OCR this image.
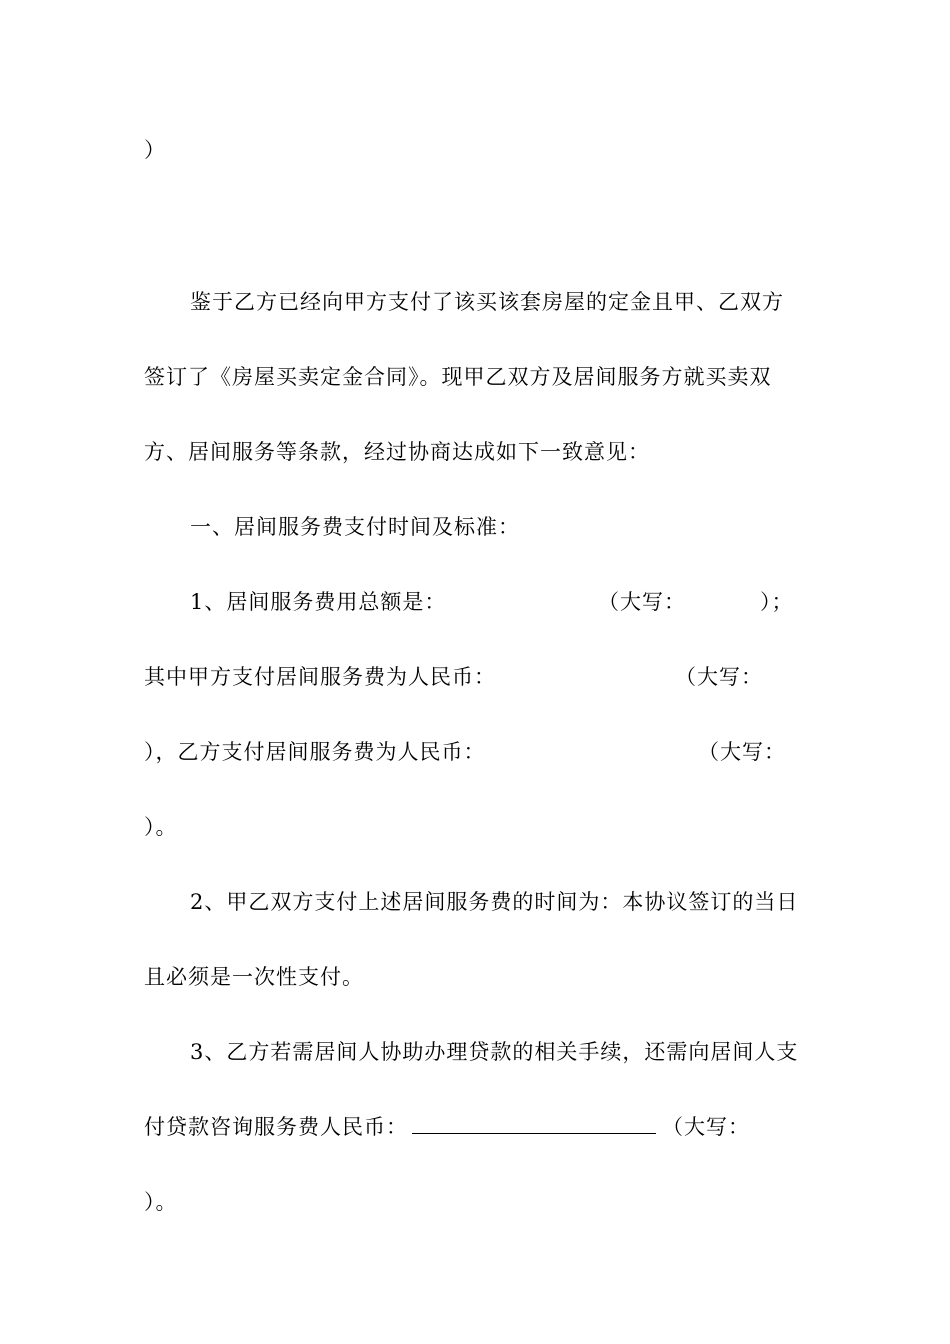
）
鉴于乙方已经向甲方支付了该买该套房屋的定金且甲、乙双方
签订了《房屋买卖定金合同》。现甲乙双方及居间服务方就买卖双
方、居间服务等条款，经过协商达成如下一致意见：
一、居间服务费支付时间及标准：
1、居间服务费用总额是：	（大写：	）；
其中甲方支付居间服务费为人民币：	（大写：
），乙方支付居间服务费为人民币：	（大写：
）。
2、甲乙双方支付上述居间服务费的时间为：本协议签订的当日
且必须是一次性支付。
3、乙方若需居间人协助办理贷款的相关手续，还需向居间人支
付贷款咨询服务费人民币：	（大写：
）。
